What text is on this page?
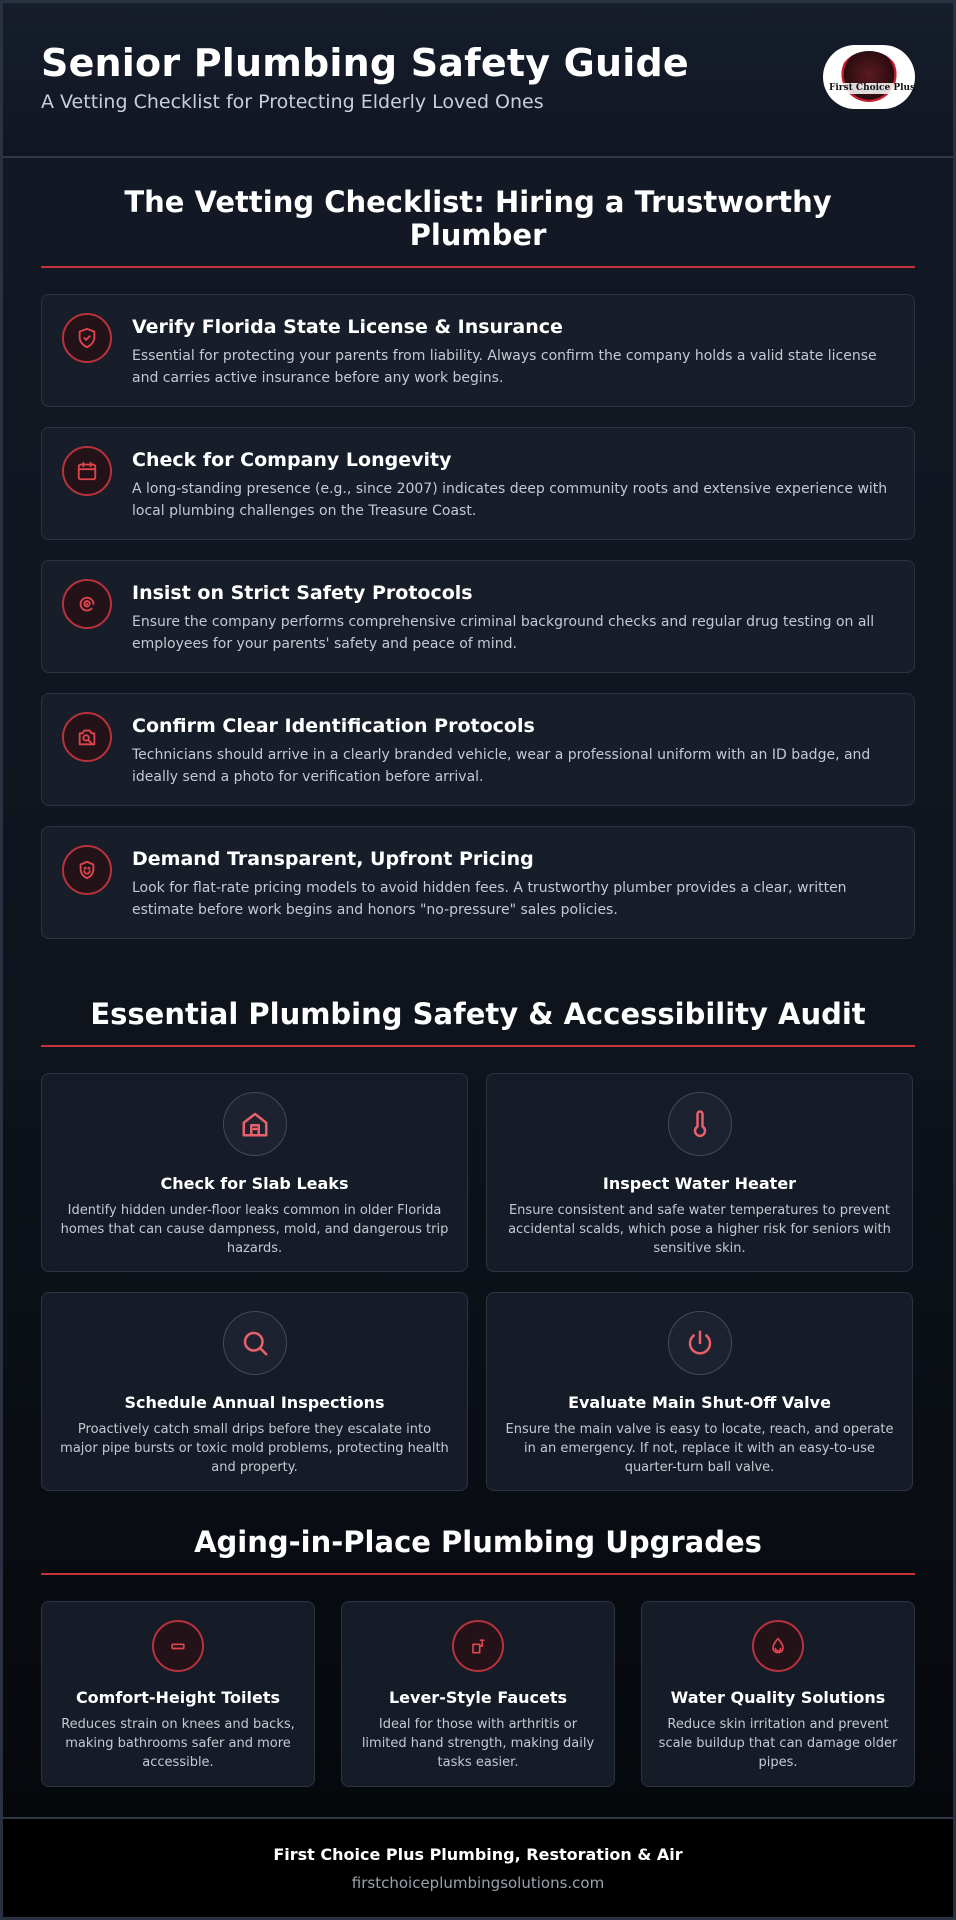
Senior Plumbing Safety Guide
A Vetting Checklist for Protecting Elderly Loved Ones
First Choice Plus
The Vetting Checklist: Hiring a Trustworthy Plumber
Verify Florida State License & Insurance

Essential for protecting your parents from liability. Always confirm the company holds a valid state license and carries active insurance before any work begins.

Check for Company Longevity

A long-standing presence (e.g., since 2007) indicates deep community roots and extensive experience with local plumbing challenges on the Treasure Coast.

Insist on Strict Safety Protocols

Ensure the company performs comprehensive criminal background checks and regular drug testing on all employees for your parents' safety and peace of mind.

Confirm Clear Identification Protocols

Technicians should arrive in a clearly branded vehicle, wear a professional uniform with an ID badge, and ideally send a photo for verification before arrival.

Demand Transparent, Upfront Pricing

Look for flat-rate pricing models to avoid hidden fees. A trustworthy plumber provides a clear, written estimate before work begins and honors "no-pressure" sales policies.

Essential Plumbing Safety & Accessibility Audit
Check for Slab Leaks

Identify hidden under-floor leaks common in older Florida homes that can cause dampness, mold, and dangerous trip hazards.

Inspect Water Heater

Ensure consistent and safe water temperatures to prevent accidental scalds, which pose a higher risk for seniors with sensitive skin.

Schedule Annual Inspections

Proactively catch small drips before they escalate into major pipe bursts or toxic mold problems, protecting health and property.

Evaluate Main Shut-Off Valve

Ensure the main valve is easy to locate, reach, and operate in an emergency. If not, replace it with an easy-to-use quarter-turn ball valve.

Aging-in-Place Plumbing Upgrades
Comfort-Height Toilets

Reduces strain on knees and backs, making bathrooms safer and more accessible.

Lever-Style Faucets

Ideal for those with arthritis or limited hand strength, making daily tasks easier.

Water Quality Solutions

Reduce skin irritation and prevent scale buildup that can damage older pipes.

First Choice Plus Plumbing, Restoration & Air
firstchoiceplumbingsolutions.com
